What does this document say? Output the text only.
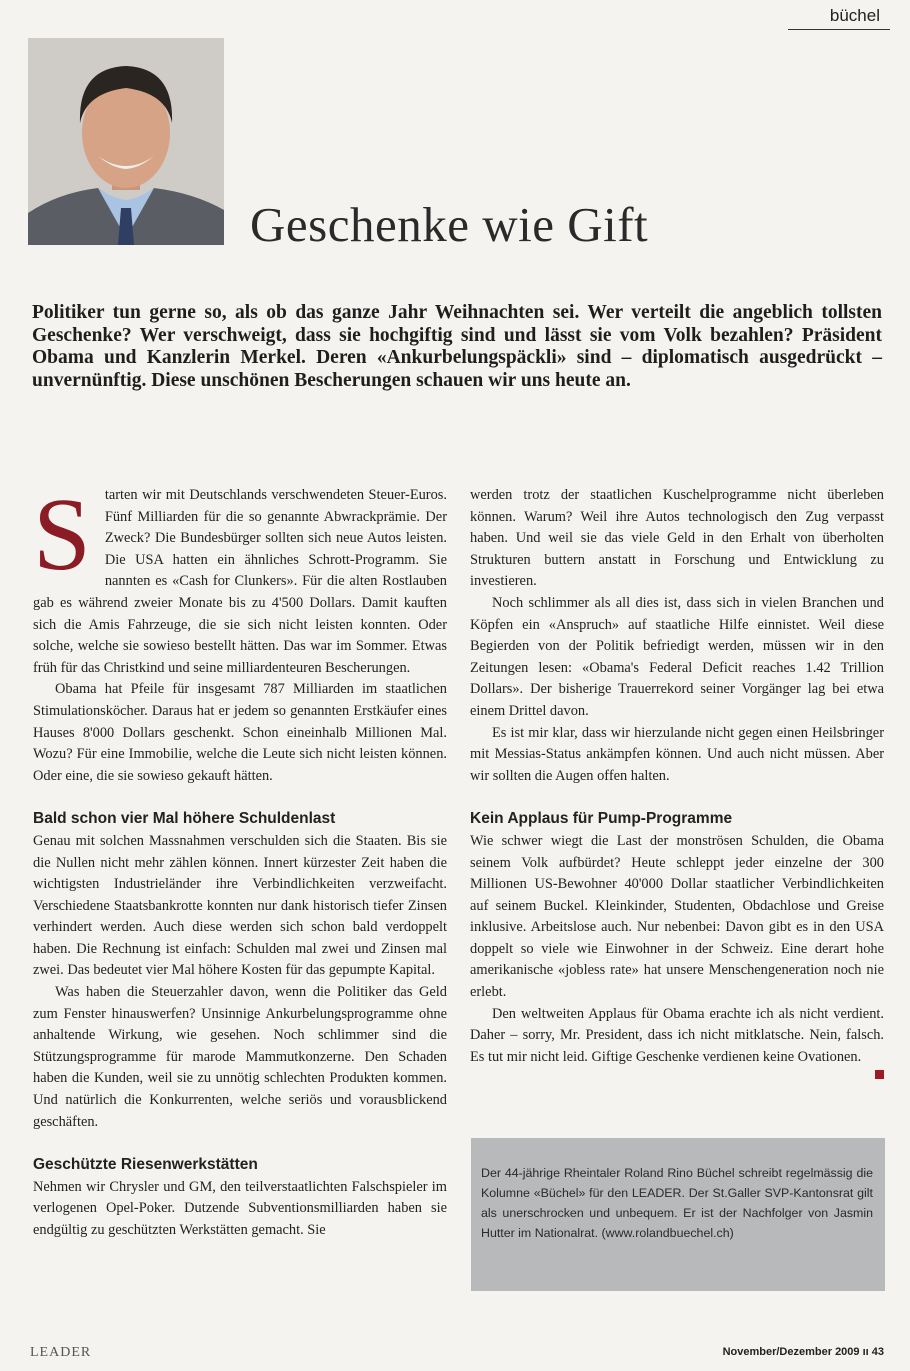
büchel
Geschenke wie Gift

Politiker tun gerne so, als ob das ganze Jahr Weihnachten sei. Wer verteilt die angeblich tollsten Geschenke? Wer verschweigt, dass sie hochgiftig sind und lässt sie vom Volk bezahlen? Präsident Obama und Kanzlerin Merkel. Deren «Ankurbelungspäckli» sind – diplomatisch ausgedrückt – unvernünftig. Diese unschönen Bescherungen schauen wir uns heute an.

S tarten wir mit Deutschlands verschwendeten Steuer-Euros. Fünf Milliarden für die so genannte Abwrackprämie. Der Zweck? Die Bundesbürger sollten sich neue Autos leisten. Die USA hatten ein ähnliches Schrott-Programm. Sie nannten es «Cash for Clunkers». Für die alten Rostlauben gab es während zweier Monate bis zu 4'500 Dollars. Damit kauften sich die Amis Fahrzeuge, die sie sich nicht leisten konnten. Oder solche, welche sie sowieso bestellt hätten. Das war im Sommer. Etwas früh für das Christkind und seine milliardenteuren Bescherungen.

Obama hat Pfeile für insgesamt 787 Milliarden im staatlichen Stimulationsköcher. Daraus hat er jedem so genannten Erstkäufer eines Hauses 8'000 Dollars geschenkt. Schon eineinhalb Millionen Mal. Wozu? Für eine Immobilie, welche die Leute sich nicht leisten können. Oder eine, die sie sowieso gekauft hätten.

Bald schon vier Mal höhere Schuldenlast

Genau mit solchen Massnahmen verschulden sich die Staaten. Bis sie die Nullen nicht mehr zählen können. Innert kürzester Zeit haben die wichtigsten Industrieländer ihre Verbindlichkeiten verzweifacht. Verschiedene Staatsbankrotte konnten nur dank historisch tiefer Zinsen verhindert werden. Auch diese werden sich schon bald verdoppelt haben. Die Rechnung ist einfach: Schulden mal zwei und Zinsen mal zwei. Das bedeutet vier Mal höhere Kosten für das gepumpte Kapital.

Was haben die Steuerzahler davon, wenn die Politiker das Geld zum Fenster hinauswerfen? Unsinnige Ankurbelungsprogramme ohne anhaltende Wirkung, wie gesehen. Noch schlimmer sind die Stützungsprogramme für marode Mammutkonzerne. Den Schaden haben die Kunden, weil sie zu unnötig schlechten Produkten kommen. Und natürlich die Konkurrenten, welche seriös und vorausblickend geschäften.

Geschützte Riesenwerkstätten

Nehmen wir Chrysler und GM, den teilverstaatlichten Falschspieler im verlogenen Opel-Poker. Dutzende Subventionsmilliarden haben sie endgültig zu geschützten Werkstätten gemacht. Sie

werden trotz der staatlichen Kuschelprogramme nicht überleben können. Warum? Weil ihre Autos technologisch den Zug verpasst haben. Und weil sie das viele Geld in den Erhalt von überholten Strukturen buttern anstatt in Forschung und Entwicklung zu investieren.

Noch schlimmer als all dies ist, dass sich in vielen Branchen und Köpfen ein «Anspruch» auf staatliche Hilfe einnistet. Weil diese Begierden von der Politik befriedigt werden, müssen wir in den Zeitungen lesen: «Obama's Federal Deficit reaches 1.42 Trillion Dollars». Der bisherige Trauerrekord seiner Vorgänger lag bei etwa einem Drittel davon.

Es ist mir klar, dass wir hierzulande nicht gegen einen Heilsbringer mit Messias-Status ankämpfen können. Und auch nicht müssen. Aber wir sollten die Augen offen halten.

Kein Applaus für Pump-Programme

Wie schwer wiegt die Last der monströsen Schulden, die Obama seinem Volk aufbürdet? Heute schleppt jeder einzelne der 300 Millionen US-Bewohner 40'000 Dollar staatlicher Verbindlichkeiten auf seinem Buckel. Kleinkinder, Studenten, Obdachlose und Greise inklusive. Arbeitslose auch. Nur nebenbei: Davon gibt es in den USA doppelt so viele wie Einwohner in der Schweiz. Eine derart hohe amerikanische «jobless rate» hat unsere Menschengeneration noch nie erlebt.

Den weltweiten Applaus für Obama erachte ich als nicht verdient. Daher – sorry, Mr. President, dass ich nicht mitklatsche. Nein, falsch. Es tut mir nicht leid. Giftige Geschenke verdienen keine Ovationen.

Der 44-jährige Rheintaler Roland Rino Büchel schreibt regelmässig die Kolumne «Büchel» für den LEADER. Der St.Galler SVP-Kantonsrat gilt als unerschrocken und unbequem. Er ist der Nachfolger von Jasmin Hutter im Nationalrat. (www.rolandbuechel.ch)

LEADER	November/Dezember 2009 ıı 43
